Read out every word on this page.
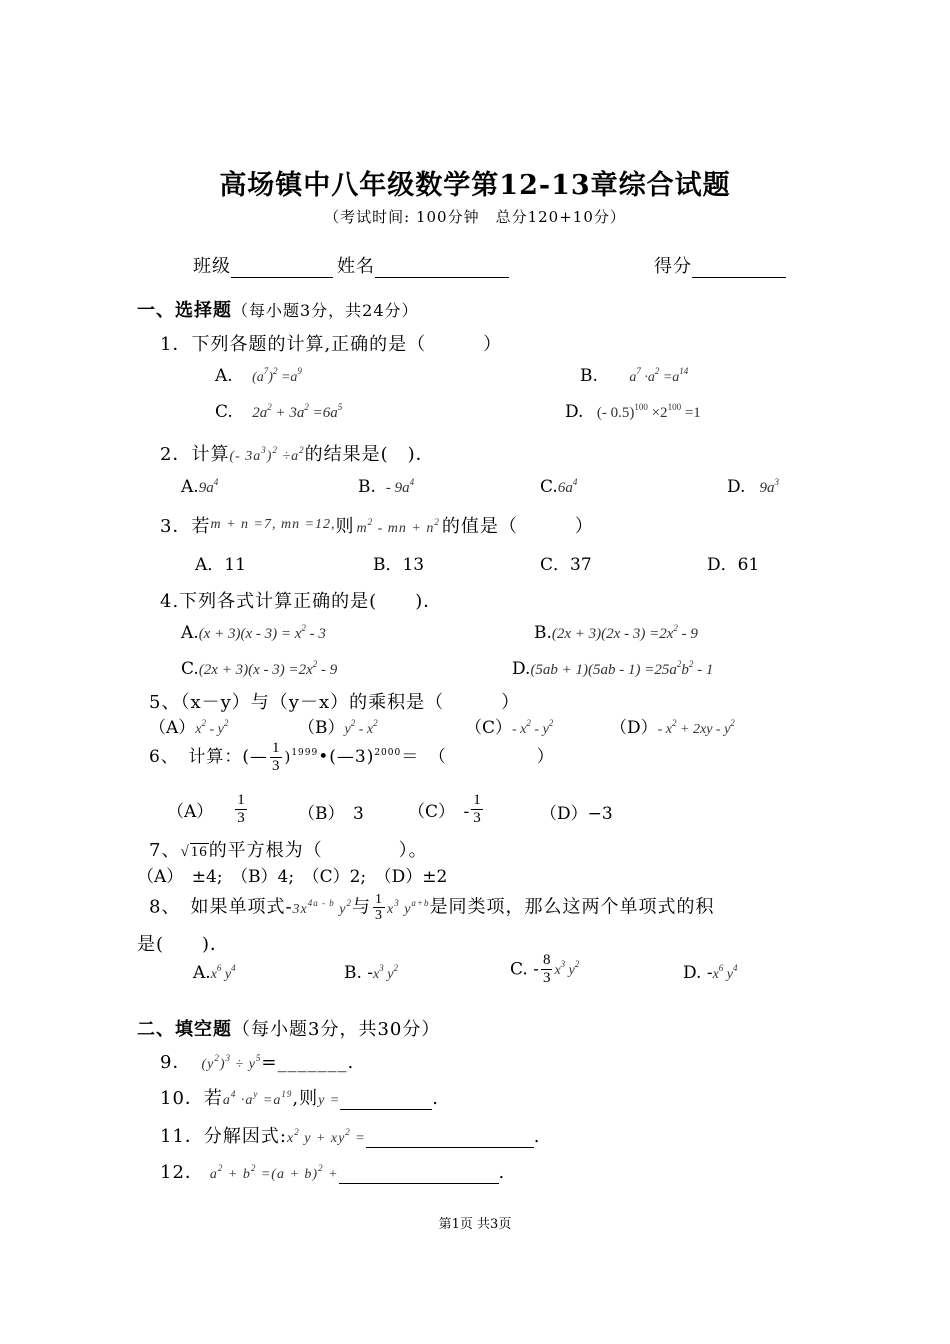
高场镇中八年级数学第12-13章综合试题
（考试时间: 100分钟　总分120+10分）
班级	姓名	得分
一、选择题（每小题3分，共24分）
1．下列各题的计算,正确的是（　　　）
A. $(a^7)^2 =a^9$	B. $a^7 \cdot a^2 =a^{14}$
C. $2a^2 + 3a^2 =6a^5$	D. (- $0.5)^{100} \times 2^{100} =1$
2．计算(- $3a^3)^2 \div a^2$的结果是(　)．
$A.9a^4$	B. - $9a^4$	$C.6a^4$	D. $9a^3$
3．若$^{m + n =7, mn =12,}$则 $m^2$ - mn + $n^2$ 的值是（　　　）
A．11	B．13	C．37	D．61
4.下列各式计算正确的是(　　)．
$A.(x + 3)(x - 3) = x^2 - 3$	$B.(2x + 3)(2x - 3) =2x^2 - 9$
$C.(2x + 3)(x - 3) =2x^2 - 9$	$D.(5ab + 1)(5ab - 1) =25a^2b^2 - 1$
5、（x－y）与（y－x）的乘积是（　　　）
$(A)x^2 - y^2$	$(B)y^2 - x^2$	（C）- $x^2 - y^2$	（D）- $x^2 + 2xy - y^2$
6、　计算：(— $\frac{1}{3}$ )$^{1999}$•(—3)$^{2000}$＝　（　　　　　）
$(A) \frac{1}{3}$	（B）　3	（C）　- $\frac{1}{3}$	（D）−3
7、√16的平方根为（　　　　）。
（A）　±4;　（B）4;　（C）2;　（D）±2
8、　如果单项式$-3x^{4a - b}$ $y^2$与 $\frac{1}{3} x^3$ $y^{a+b}$是同类项，那么这两个单项式的积
是(　　)．
$A.x^6$ $y^4$	B. $-x^3$ $y^2$	C. - $\frac{8}{3} x^3$ $y^2$	D. $-x^6$ $y^4$
二、填空题（每小题3分，共30分）
9． $(y^2)^3$ ÷ $y^5=\_\_\_\_\_\_\_$.
10．若$a^4 \cdot a^y =a^{19}$,则y =	.
11．分解因式$:x^2$ $y + xy^2$ =	.
12． $a^2 + b^2 =(a + b)^2$ +	.
第1页 共3页
